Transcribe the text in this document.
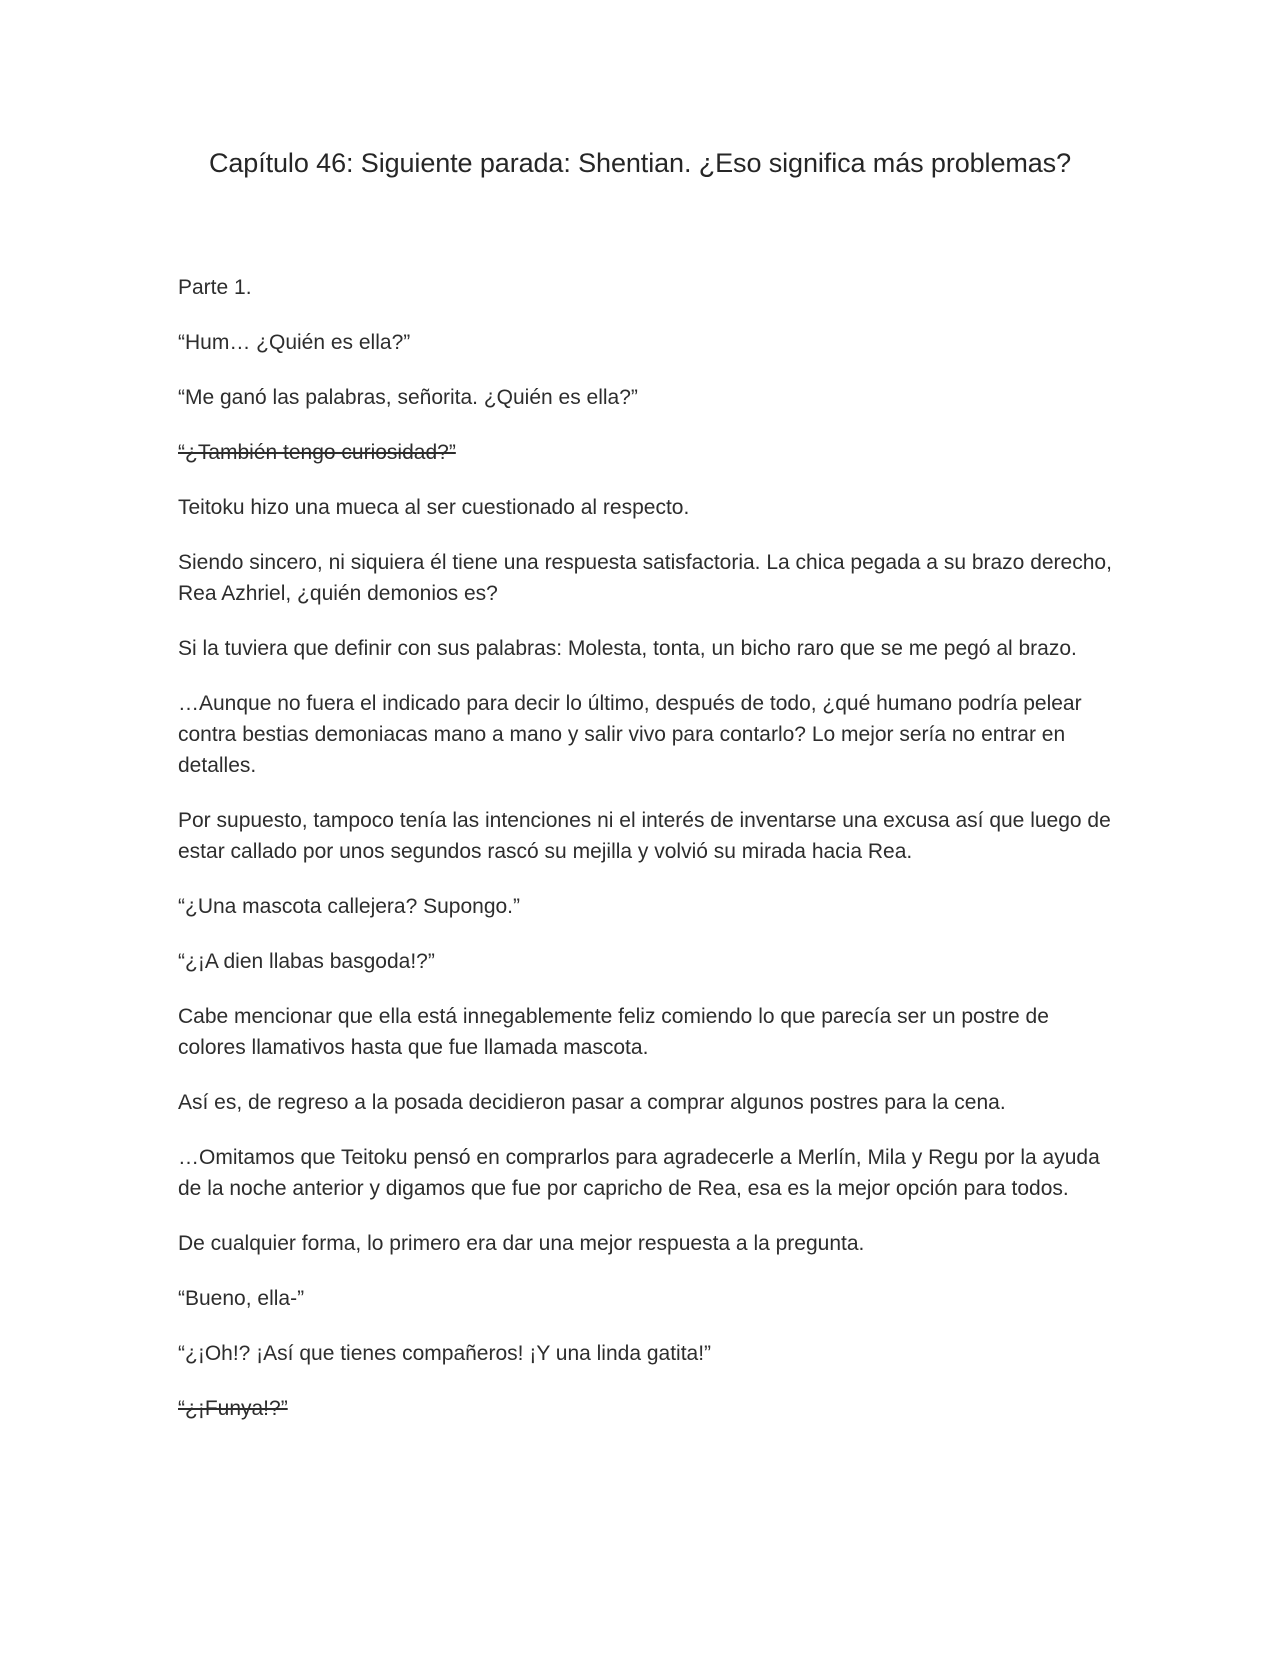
Capítulo 46: Siguiente parada: Shentian. ¿Eso significa más problemas?

Parte 1.

“Hum… ¿Quién es ella?”

“Me ganó las palabras, señorita. ¿Quién es ella?”

“¿También tengo curiosidad?”

Teitoku hizo una mueca al ser cuestionado al respecto.

Siendo sincero, ni siquiera él tiene una respuesta satisfactoria. La chica pegada a su brazo derecho, Rea Azhriel, ¿quién demonios es?

Si la tuviera que definir con sus palabras: Molesta, tonta, un bicho raro que se me pegó al brazo.

…Aunque no fuera el indicado para decir lo último, después de todo, ¿qué humano podría pelear contra bestias demoniacas mano a mano y salir vivo para contarlo? Lo mejor sería no entrar en detalles.

Por supuesto, tampoco tenía las intenciones ni el interés de inventarse una excusa así que luego de estar callado por unos segundos rascó su mejilla y volvió su mirada hacia Rea.

“¿Una mascota callejera? Supongo.”

“¿¡A dien llabas basgoda!?”

Cabe mencionar que ella está innegablemente feliz comiendo lo que parecía ser un postre de colores llamativos hasta que fue llamada mascota.

Así es, de regreso a la posada decidieron pasar a comprar algunos postres para la cena.

…Omitamos que Teitoku pensó en comprarlos para agradecerle a Merlín, Mila y Regu por la ayuda de la noche anterior y digamos que fue por capricho de Rea, esa es la mejor opción para todos.

De cualquier forma, lo primero era dar una mejor respuesta a la pregunta.

“Bueno, ella-”

“¿¡Oh!? ¡Así que tienes compañeros! ¡Y una linda gatita!”

“¿¡Funya!?”
